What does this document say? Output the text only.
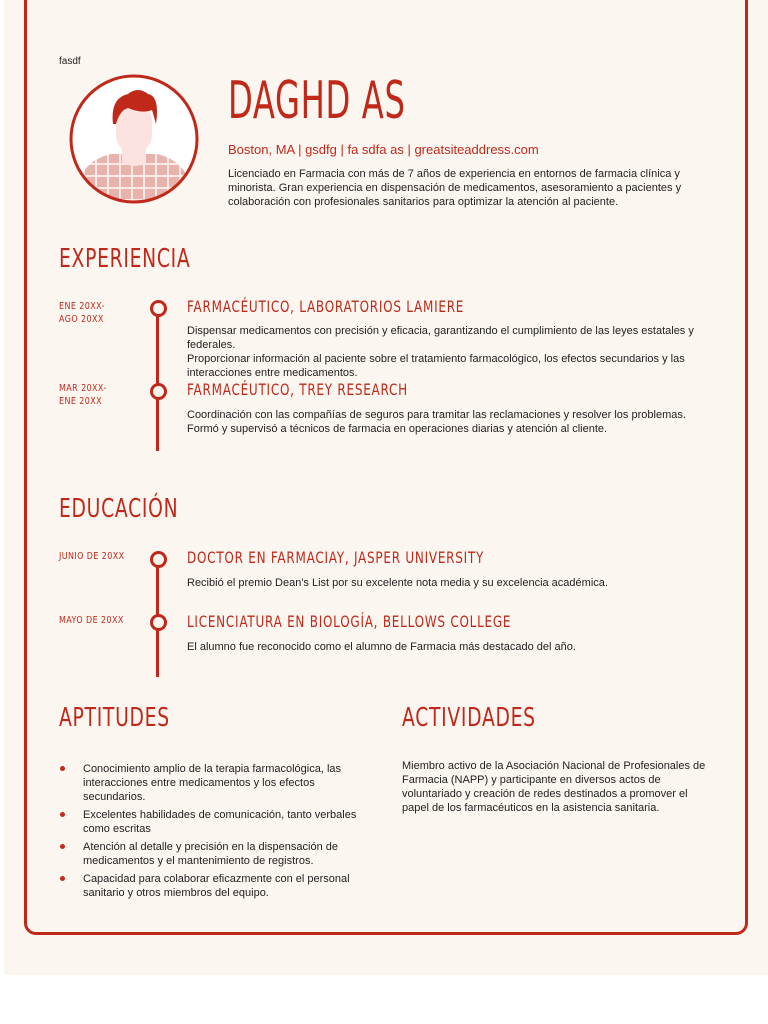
fasdf
DAGHD AS
Boston, MA | gsdfg | fa sdfa as | greatsiteaddress.com
Licenciado en Farmacia con más de 7 años de experiencia en entornos de farmacia clínica y minorista. Gran experiencia en dispensación de medicamentos, asesoramiento a pacientes y colaboración con profesionales sanitarios para optimizar la atención al paciente.
EXPERIENCIA
ENE 20XX-
AGO 20XX
FARMACÉUTICO, LABORATORIOS LAMIERE

Dispensar medicamentos con precisión y eficacia, garantizando el cumplimiento de las leyes estatales y federales.

Proporcionar información al paciente sobre el tratamiento farmacológico, los efectos secundarios y las interacciones entre medicamentos.

MAR 20XX-
ENE 20XX
FARMACÉUTICO, TREY RESEARCH

Coordinación con las compañías de seguros para tramitar las reclamaciones y resolver los problemas.

Formó y supervisó a técnicos de farmacia en operaciones diarias y atención al cliente.

EDUCACIÓN
JUNIO DE 20XX	DOCTOR EN FARMACIAY, JASPER UNIVERSITY
Recibió el premio Dean's List por su excelente nota media y su excelencia académica.
MAYO DE 20XX	LICENCIATURA EN BIOLOGÍA, BELLOWS COLLEGE
El alumno fue reconocido como el alumno de Farmacia más destacado del año.
APTITUDES
Conocimiento amplio de la terapia farmacológica, las interacciones entre medicamentos y los efectos secundarios.
Excelentes habilidades de comunicación, tanto verbales como escritas
Atención al detalle y precisión en la dispensación de medicamentos y el mantenimiento de registros.
Capacidad para colaborar eficazmente con el personal sanitario y otros miembros del equipo.
ACTIVIDADES
Miembro activo de la Asociación Nacional de Profesionales de Farmacia (NAPP) y participante en diversos actos de voluntariado y creación de redes destinados a promover el papel de los farmacéuticos en la asistencia sanitaria.
